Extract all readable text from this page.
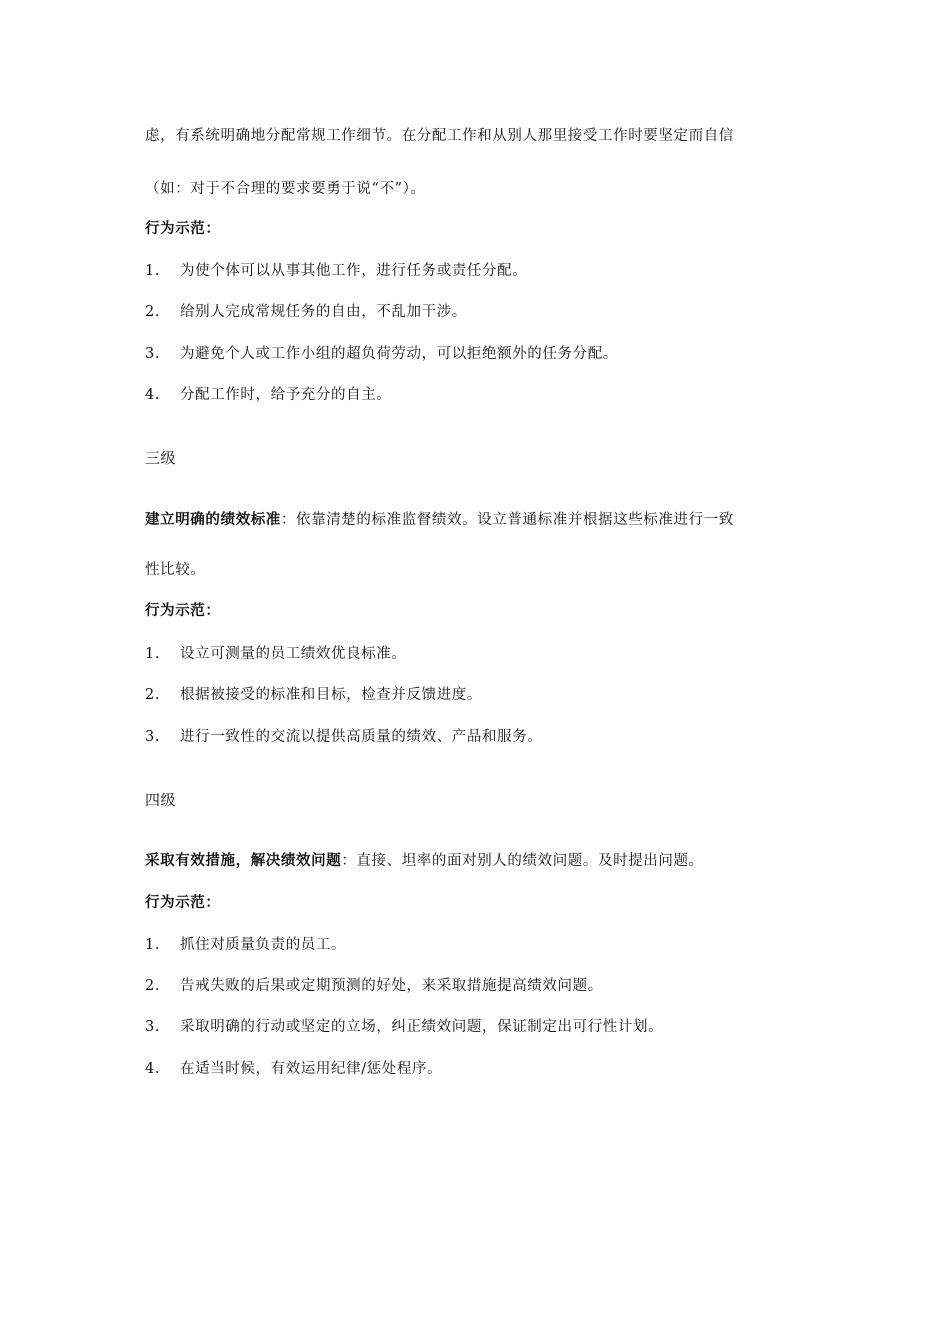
虑，有系统明确地分配常规工作细节。在分配工作和从别人那里接受工作时要坚定而自信
（如：对于不合理的要求要勇于说“不”）。
行为示范：
1. 为使个体可以从事其他工作，进行任务或责任分配。
2. 给别人完成常规任务的自由，不乱加干涉。
3. 为避免个人或工作小组的超负荷劳动，可以拒绝额外的任务分配。
4. 分配工作时，给予充分的自主。
三级
建立明确的绩效标准：依靠清楚的标准监督绩效。设立普通标准并根据这些标准进行一致
性比较。
行为示范：
1. 设立可测量的员工绩效优良标准。
2. 根据被接受的标准和目标，检查并反馈进度。
3. 进行一致性的交流以提供高质量的绩效、产品和服务。
四级
采取有效措施，解决绩效问题：直接、坦率的面对别人的绩效问题。及时提出问题。
行为示范：
1. 抓住对质量负责的员工。
2. 告戒失败的后果或定期预测的好处，来采取措施提高绩效问题。
3. 采取明确的行动或坚定的立场，纠正绩效问题，保证制定出可行性计划。
4. 在适当时候，有效运用纪律/惩处程序。
